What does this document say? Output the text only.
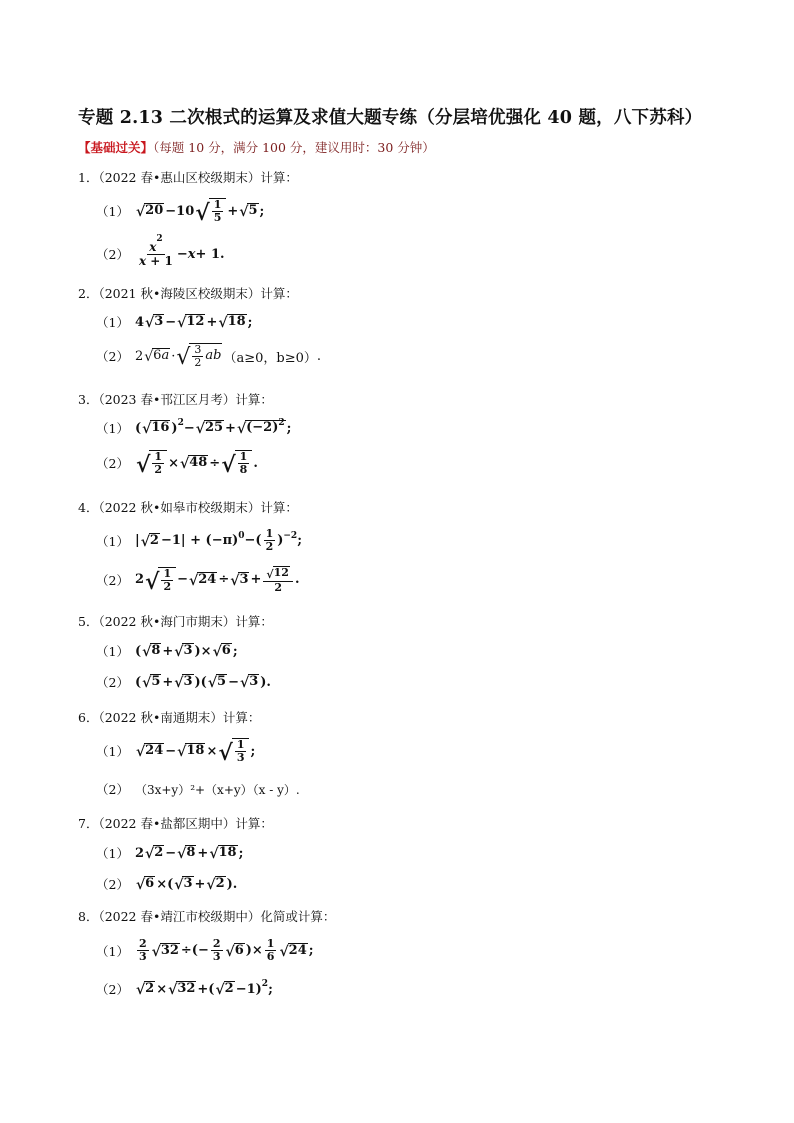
专题 2.13 二次根式的运算及求值大题专练（分层培优强化 40 题，八下苏科）
【基础过关】（每题 10 分，满分 100 分，建议用时：30 分钟）
1．（2022 春•惠山区校级期末）计算：
（1） √ 20 −10 √ $\frac{1}{5}$ + √ 5 ;
$(2) \frac{x^2}{x + 1} - x + 1$.
2．（2021 秋•海陵区校级期末）计算：
（1） 4 √ 3 − √ 12 + √ 18 ;
（2） 2 √ 6 a · √ $\frac{3}{2}$ ab （a≥0，b≥0） .
3．（2023 春•邗江区月考）计算：
（1） ( √ 16 ) 2 − √ 25 + √ (−2) 2 ;
（2） √ $\frac{1}{2}$ × √ 48 ÷ √ $\frac{1}{8}$ .
4．（2022 秋•如皋市校级期末）计算：
（1） | √ 2 −1| + (−π) 0 −( $\frac{1}{2}$ ) −2 ;
（2） 2 √ $\frac{1}{2}$ − √ 24 ÷ √ $3 + \frac{√ 12}{2}$ .
5．（2022 秋•海门市期末）计算：
（1） ( √ 8 + √ 3 )× √ 6 ;
（2） ( √ 5 + √ 3 )( √ 5 − √ 3 ).
6．（2022 秋•南通期末）计算：
（1） √ 24 − √ 18 × √ $\frac{1}{3}$ ;
（2） （3x+y）²+（x+y）（x - y）.
7．（2022 春•盐都区期中）计算：
（1） 2 √ 2 − √ 8 + √ 18 ;
（2） √ 6 ×( √ 3 + √ 2 ).
8．（2022 春•靖江市校级期中）化简或计算：
$(1) \frac{2}{3}$ √ 32 ÷(− $\frac{2}{3}$ √ 6 )× $\frac{1}{6}$ √ 24 ;
（2） √ 2 × √ 32 +( √ 2 −1) 2 ;
